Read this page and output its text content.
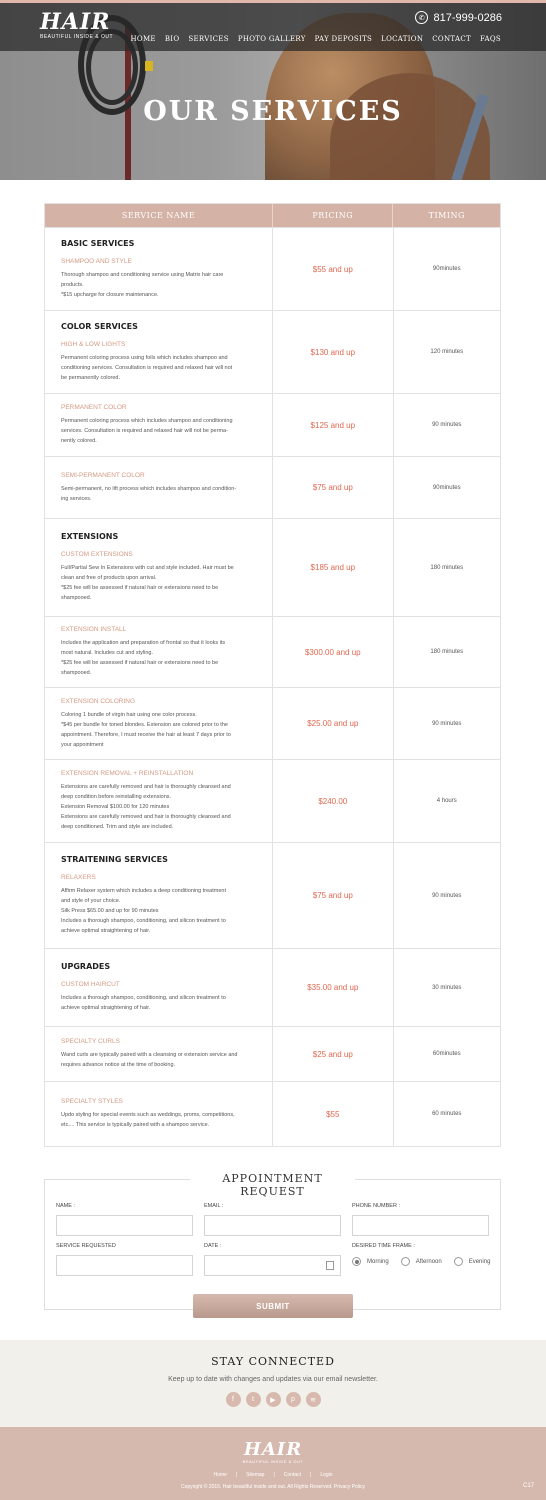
HAIR
BEAUTIFUL INSIDE & OUT
✆ 817-999-0286
HOME BIO SERVICES PHOTO GALLERY PAY DEPOSITS LOCATION CONTACT FAQS
OUR SERVICES
SERVICE NAME	PRICING	TIMING
BASIC SERVICES
SHAMPOO AND STYLE
Thorough shampoo and conditioning service using Matrix hair care
products.
*$15 upcharge for closure maintenance.
$55 and up	90minutes
COLOR SERVICES
HIGH & LOW LIGHTS
Permanent coloring process using foils which includes shampoo and
conditioning services. Consultation is required and relaxed hair will not
be permanently colored.
$130 and up	120 minutes
PERMANENT COLOR
Permanent coloring process which includes shampoo and conditioning
services. Consultation is required and relaxed hair will not be perma-
nently colored.
$125 and up	90 minutes
SEMI-PERMANENT COLOR
Semi-permanent, no lift process which includes shampoo and condition-
ing services.
$75 and up	90minutes
EXTENSIONS
CUSTOM EXTENSIONS
Full/Partial Sew In Extensions with cut and style included. Hair must be
clean and free of products upon arrival.
*$25 fee will be assessed if natural hair or extensions need to be
shampooed.
$185 and up	180 minutes
EXTENSION INSTALL
Includes the application and preparation of frontal so that it looks its
most natural. Includes cut and styling.
*$25 fee will be assessed if natural hair or extensions need to be
shampooed.
$300.00 and up	180 minutes
EXTENSION COLORING
Coloring 1 bundle of virgin hair using one color process.
*$45 per bundle for toned blondes. Extension are colored prior to the
appointment. Therefore, I must receive the hair at least 7 days prior to
your appointment
$25.00 and up	90 minutes
EXTENSION REMOVAL + REINSTALLATION
Extensions are carefully removed and hair is thoroughly cleansed and
deep condition before reinstalling extensions.
Extension Removal $100.00 for 120 minutes
Extensions are carefully removed and hair is thoroughly cleansed and
deep conditioned. Trim and style are included.
$240.00	4 hours
STRAITENING SERVICES
RELAXERS
Affirm Relaxer system which includes a deep conditioning treatment
and style of your choice.
Silk Press $65.00 and up for 90 minutes
Includes a thorough shampoo, conditioning, and silicon treatment to
achieve optimal straightening of hair.
$75 and up	90 minutes
UPGRADES
CUSTOM HAIRCUT
Includes a thorough shampoo, conditioning, and silicon treatment to
achieve optimal straightening of hair.
$35.00 and up	30 minutes
SPECIALTY CURLS
Wand curls are typically paired with a cleansing or extension service and
requires advance notice at the time of booking.
$25 and up	60minutes
SPECIALTY STYLES
Updo styling for special events such as weddings, proms, competitions,
etc.... This service is typically paired with a shampoo service.
$55	60 minutes
APPOINTMENT REQUEST
NAME :	EMAIL :	PHONE NUMBER :
SERVICE REQUESTED	DATE :	DESIRED TIME FRAME :
Morning	Afternoon	Evening
SUBMIT
STAY CONNECTED
Keep up to date with changes and updates via our email newsletter.
f	t	▶	p	≋
HAIR
BEAUTIFUL INSIDE & OUT
Home | Sitemap | Contact | Login
Copyright © 2015. Hair beautiful inside and out. All Rights Reserved. Privacy Policy	C17
